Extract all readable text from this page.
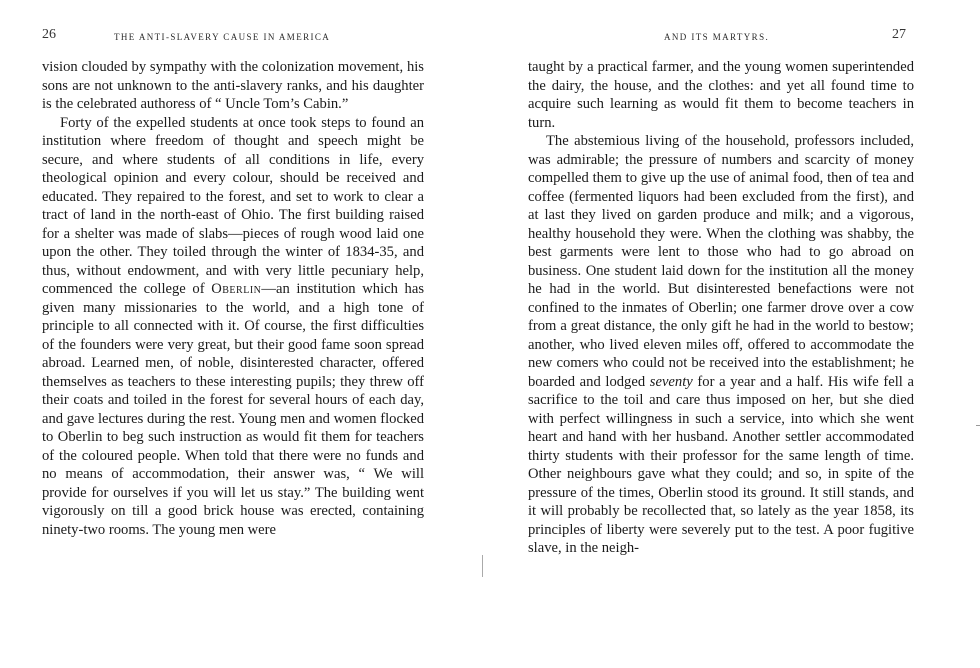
26	THE ANTI-SLAVERY CAUSE IN AMERICA

vision clouded by sympathy with the colonization movement, his sons are not unknown to the anti-slavery ranks, and his daughter is the celebrated authoress of “ Uncle Tom’s Cabin.”

Forty of the expelled students at once took steps to found an institution where freedom of thought and speech might be secure, and where students of all conditions in life, every theological opinion and every colour, should be received and educated. They repaired to the forest, and set to work to clear a tract of land in the north-east of Ohio. The first building raised for a shelter was made of slabs—pieces of rough wood laid one upon the other. They toiled through the winter of 1834-35, and thus, without endowment, and with very little pecuniary help, commenced the college of Oberlin—an institution which has given many missionaries to the world, and a high tone of principle to all connected with it. Of course, the first difficulties of the founders were very great, but their good fame soon spread abroad. Learned men, of noble, disinterested character, offered themselves as teachers to these interesting pupils; they threw off their coats and toiled in the forest for several hours of each day, and gave lectures during the rest. Young men and women flocked to Oberlin to beg such instruction as would fit them for teachers of the coloured people. When told that there were no funds and no means of accommodation, their answer was, “ We will provide for ourselves if you will let us stay.” The building went vigorously on till a good brick house was erected, containing ninety-two rooms. The young men were

AND ITS MARTYRS.	27

taught by a practical farmer, and the young women superintended the dairy, the house, and the clothes: and yet all found time to acquire such learning as would fit them to become teachers in turn.

The abstemious living of the household, professors included, was admirable; the pressure of numbers and scarcity of money compelled them to give up the use of animal food, then of tea and coffee (fermented liquors had been excluded from the first), and at last they lived on garden produce and milk; and a vigorous, healthy household they were. When the clothing was shabby, the best garments were lent to those who had to go abroad on business. One student laid down for the institution all the money he had in the world. But disinterested benefactions were not confined to the inmates of Oberlin; one farmer drove over a cow from a great distance, the only gift he had in the world to bestow; another, who lived eleven miles off, offered to accommodate the new comers who could not be received into the establishment; he boarded and lodged seventy for a year and a half. His wife fell a sacrifice to the toil and care thus imposed on her, but she died with perfect willingness in such a service, into which she went heart and hand with her husband. Another settler accommodated thirty students with their professor for the same length of time. Other neighbours gave what they could; and so, in spite of the pressure of the times, Oberlin stood its ground. It still stands, and it will probably be recollected that, so lately as the year 1858, its principles of liberty were severely put to the test. A poor fugitive slave, in the neigh-
